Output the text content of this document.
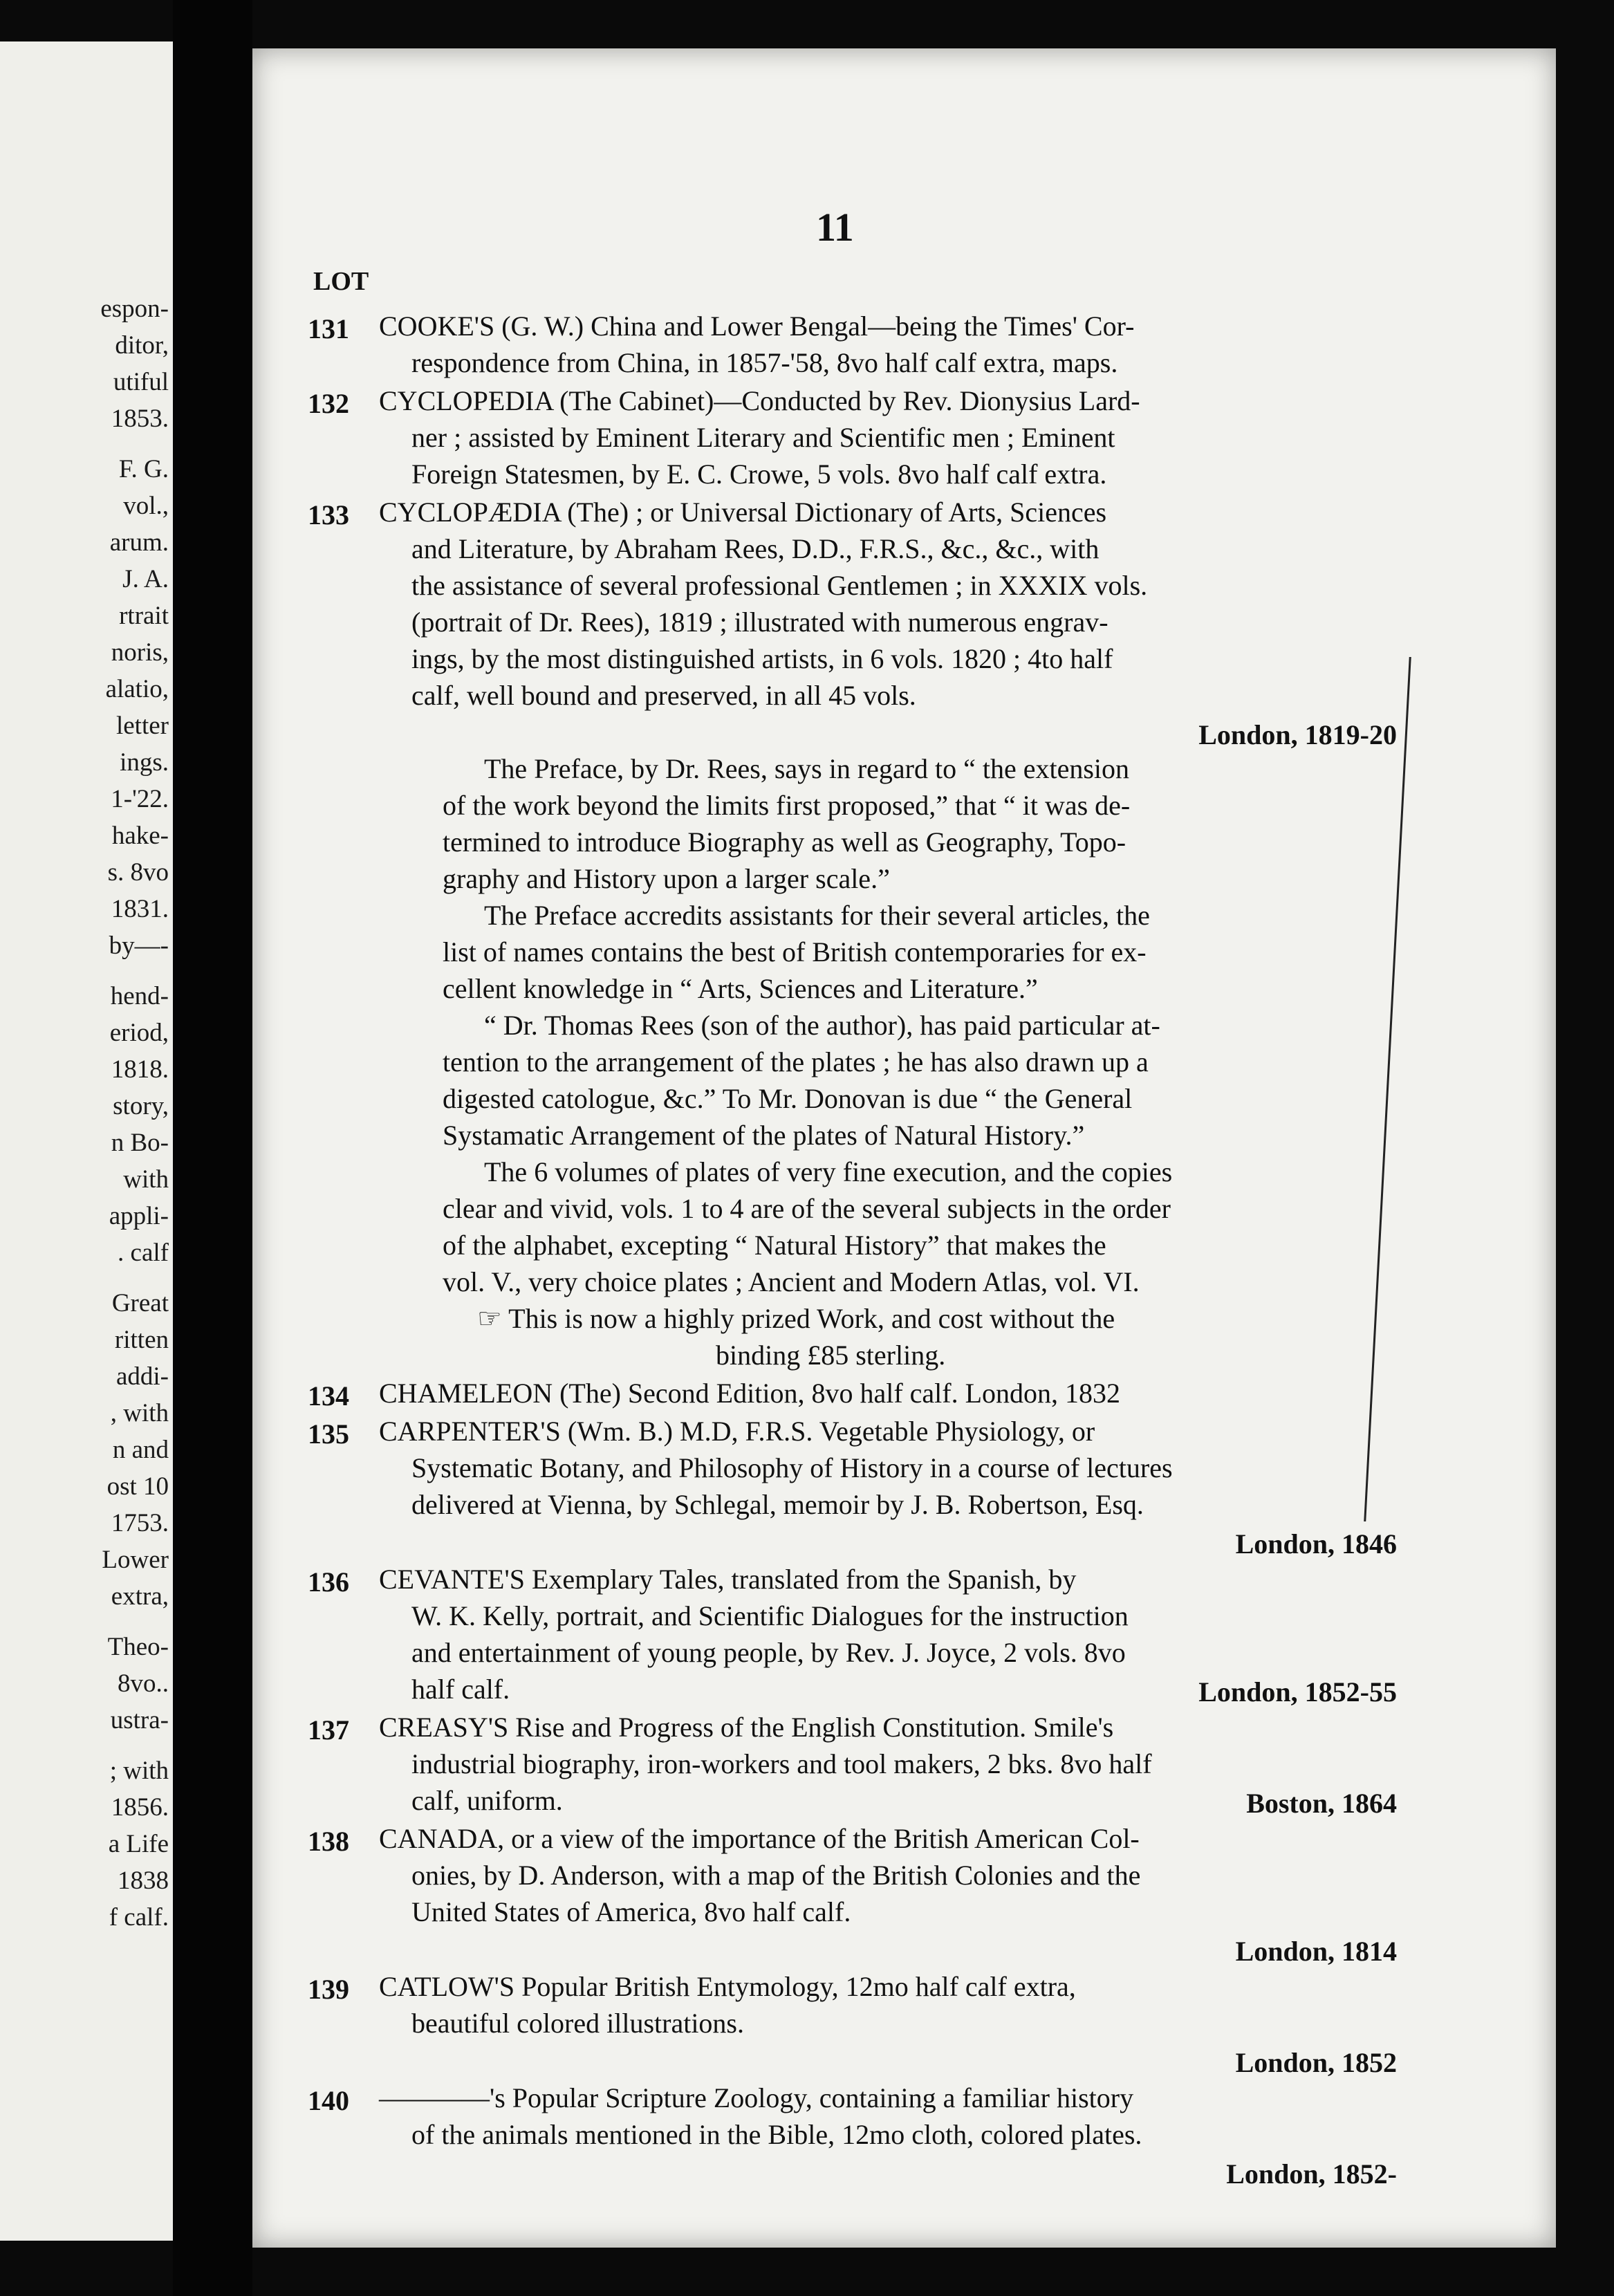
espon-
ditor,
utiful
1853.
F. G.
vol.,
arum.
J. A.
rtrait
noris,
alatio,
letter
ings.
1-'22.
hake-
s. 8vo
1831.
by—-
hend-
eriod,
1818.
story,
n Bo-
with
appli-
. calf
Great
ritten
addi-
, with
n and
ost 10
1753.
Lower
extra,
Theo-
8vo..
ustra-
; with
1856.
a Life
1838
f calf.
11
LOT
131 COOKE'S (G. W.) China and Lower Bengal—being the Times' Cor-
respondence from China, in 1857-'58, 8vo half calf extra, maps.
132 CYCLOPEDIA (The Cabinet)—Conducted by Rev. Dionysius Lard-
ner ; assisted by Eminent Literary and Scientific men ; Eminent
Foreign Statesmen, by E. C. Crowe, 5 vols. 8vo half calf extra.
133 CYCLOPÆDIA (The) ; or Universal Dictionary of Arts, Sciences
and Literature, by Abraham Rees, D.D., F.R.S., &c., &c., with
the assistance of several professional Gentlemen ; in XXXIX vols.
(portrait of Dr. Rees), 1819 ; illustrated with numerous engrav-
ings, by the most distinguished artists, in 6 vols. 1820 ; 4to half
calf, well bound and preserved, in all 45 vols.
London, 1819-20
The Preface, by Dr. Rees, says in regard to “ the extension
of the work beyond the limits first proposed,” that “ it was de-
termined to introduce Biography as well as Geography, Topo-
graphy and History upon a larger scale.”
The Preface accredits assistants for their several articles, the
list of names contains the best of British contemporaries for ex-
cellent knowledge in “ Arts, Sciences and Literature.”
“ Dr. Thomas Rees (son of the author), has paid particular at-
tention to the arrangement of the plates ; he has also drawn up a
digested catologue, &c.” To Mr. Donovan is due “ the General
Systamatic Arrangement of the plates of Natural History.”
The 6 volumes of plates of very fine execution, and the copies
clear and vivid, vols. 1 to 4 are of the several subjects in the order
of the alphabet, excepting “ Natural History” that makes the
vol. V., very choice plates ; Ancient and Modern Atlas, vol. VI.
☞ This is now a highly prized Work, and cost without the
binding £85 sterling.
134 CHAMELEON (The) Second Edition, 8vo half calf. London, 1832
135 CARPENTER'S (Wm. B.) M.D, F.R.S. Vegetable Physiology, or
Systematic Botany, and Philosophy of History in a course of lectures
delivered at Vienna, by Schlegal, memoir by J. B. Robertson, Esq.
London, 1846
136 CEVANTE'S Exemplary Tales, translated from the Spanish, by
W. K. Kelly, portrait, and Scientific Dialogues for the instruction
and entertainment of young people, by Rev. J. Joyce, 2 vols. 8vo
half calf.	London, 1852-55
137 CREASY'S Rise and Progress of the English Constitution. Smile's
industrial biography, iron-workers and tool makers, 2 bks. 8vo half
calf, uniform.	Boston, 1864
138 CANADA, or a view of the importance of the British American Col-
onies, by D. Anderson, with a map of the British Colonies and the
United States of America, 8vo half calf.
London, 1814
139 CATLOW'S Popular British Entymology, 12mo half calf extra,
beautiful colored illustrations.
London, 1852
140 ————'s Popular Scripture Zoology, containing a familiar history
of the animals mentioned in the Bible, 12mo cloth, colored plates.
London, 1852-
